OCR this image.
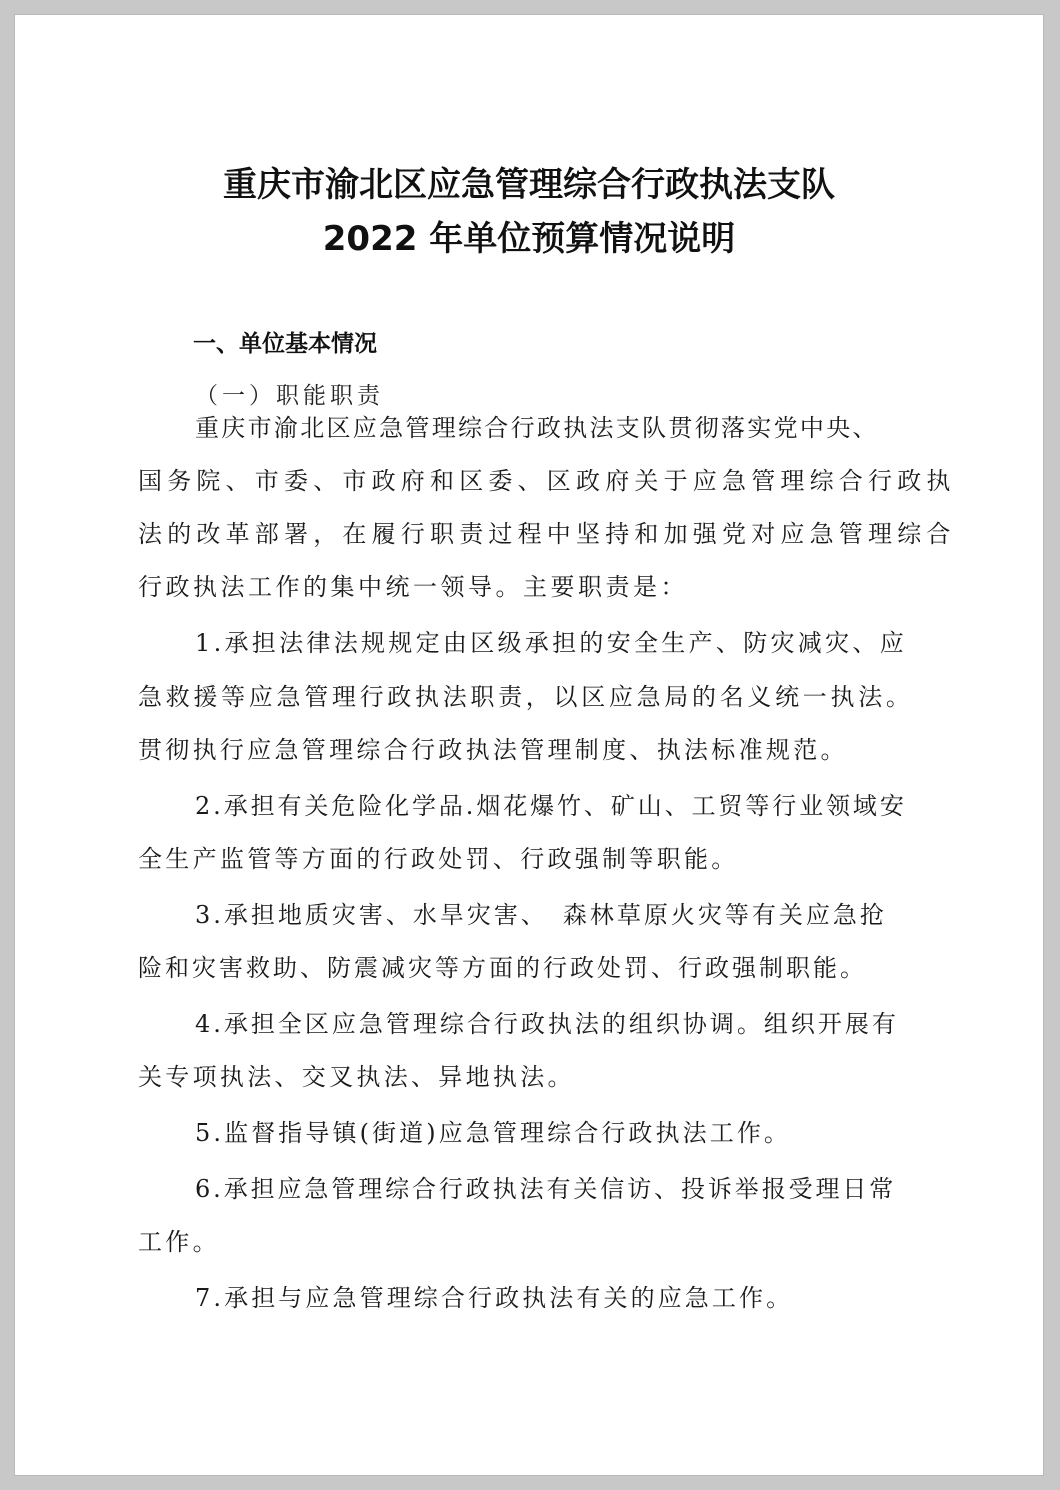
重庆市渝北区应急管理综合行政执法支队
2022 年单位预算情况说明
一、单位基本情况
（一）职能职责
重庆市渝北区应急管理综合行政执法支队贯彻落实党中央、
国务院、市委、市政府和区委、区政府关于应急管理综合行政执
法的改革部署，在履行职责过程中坚持和加强党对应急管理综合
行政执法工作的集中统一领导。主要职责是：
1.承担法律法规规定由区级承担的安全生产、防灾减灾、应
急救援等应急管理行政执法职责，以区应急局的名义统一执法。
贯彻执行应急管理综合行政执法管理制度、执法标准规范。
2.承担有关危险化学品.烟花爆竹、矿山、工贸等行业领域安
全生产监管等方面的行政处罚、行政强制等职能。
3.承担地质灾害、水旱灾害、　森林草原火灾等有关应急抢
险和灾害救助、防震减灾等方面的行政处罚、行政强制职能。
4.承担全区应急管理综合行政执法的组织协调。组织开展有
关专项执法、交叉执法、异地执法。
5.监督指导镇(街道)应急管理综合行政执法工作。
6.承担应急管理综合行政执法有关信访、投诉举报受理日常
工作。
7.承担与应急管理综合行政执法有关的应急工作。
